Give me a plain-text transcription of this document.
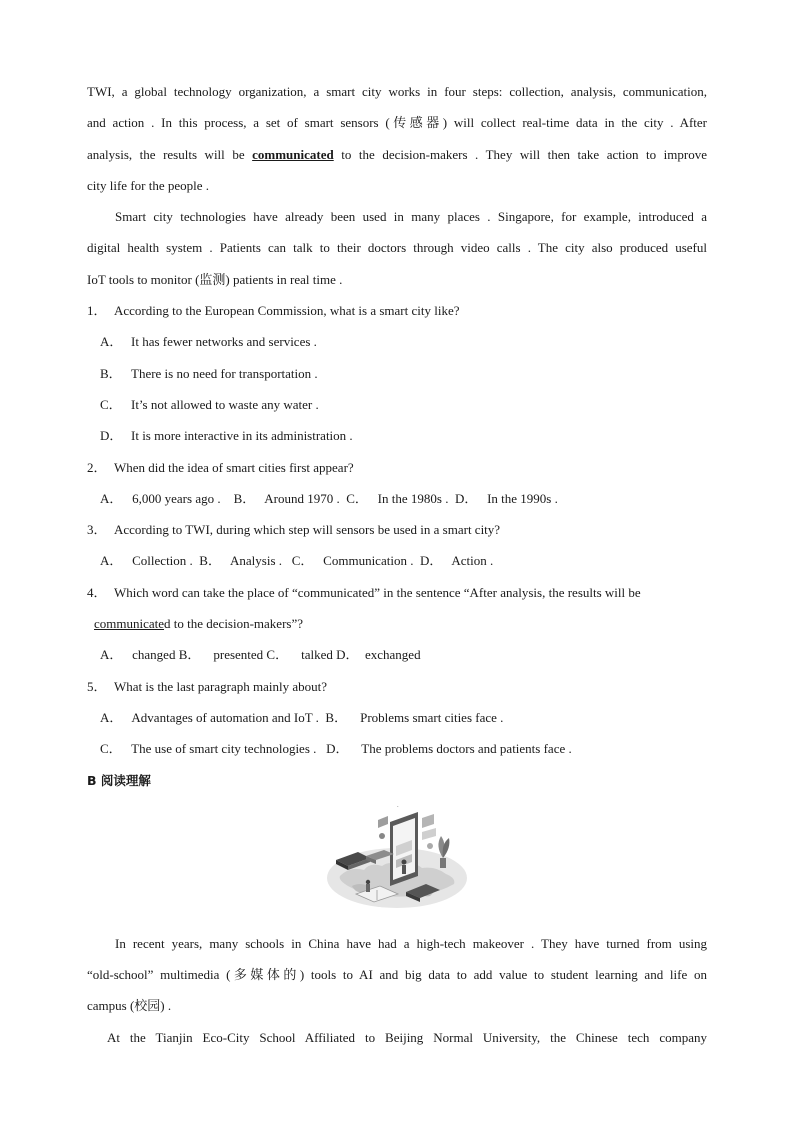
TWI, a global technology organization, a smart city works in four steps: collection, analysis, communication,
and action . In this process, a set of smart sensors (传感器) will collect real-time data in the city . After
analysis, the results will be communicated to the decision-makers . They will then take action to improve
city life for the people .
Smart city technologies have already been used in many places . Singapore, for example, introduced a
digital health system . Patients can talk to their doctors through video calls . The city also produced useful
IoT tools to monitor (监测) patients in real time .
1． According to the European Commission, what is a smart city like?
A． It has fewer networks and services .
B． There is no need for transportation .
C． It’s not allowed to waste any water .
D． It is more interactive in its administration .
2． When did the idea of smart cities first appear?
A．   6,000 years ago .    B．   Around 1970 .  C．   In the 1980s .  D．   In the 1990s .
3． According to TWI, during which step will sensors be used in a smart city?
A．   Collection .  B．   Analysis .   C．   Communication .  D．   Action .
4． Which word can take the place of “communicated” in the sentence “After analysis, the results will be
communicated to the decision-makers”?
A．   changed B．    presented C．    talked D．  exchanged
5． What is the last paragraph mainly about?
A．   Advantages of automation and IoT .  B．    Problems smart cities face .
C．   The use of smart city technologies .   D．    The problems doctors and patients face .
B 阅读理解
In recent years, many schools in China have had a high-tech makeover . They have turned from using
“old-school” multimedia (多媒体的) tools to AI and big data to add value to student learning and life on
campus (校园) .
At the Tianjin Eco-City School Affiliated to Beijing Normal University, the Chinese tech company
